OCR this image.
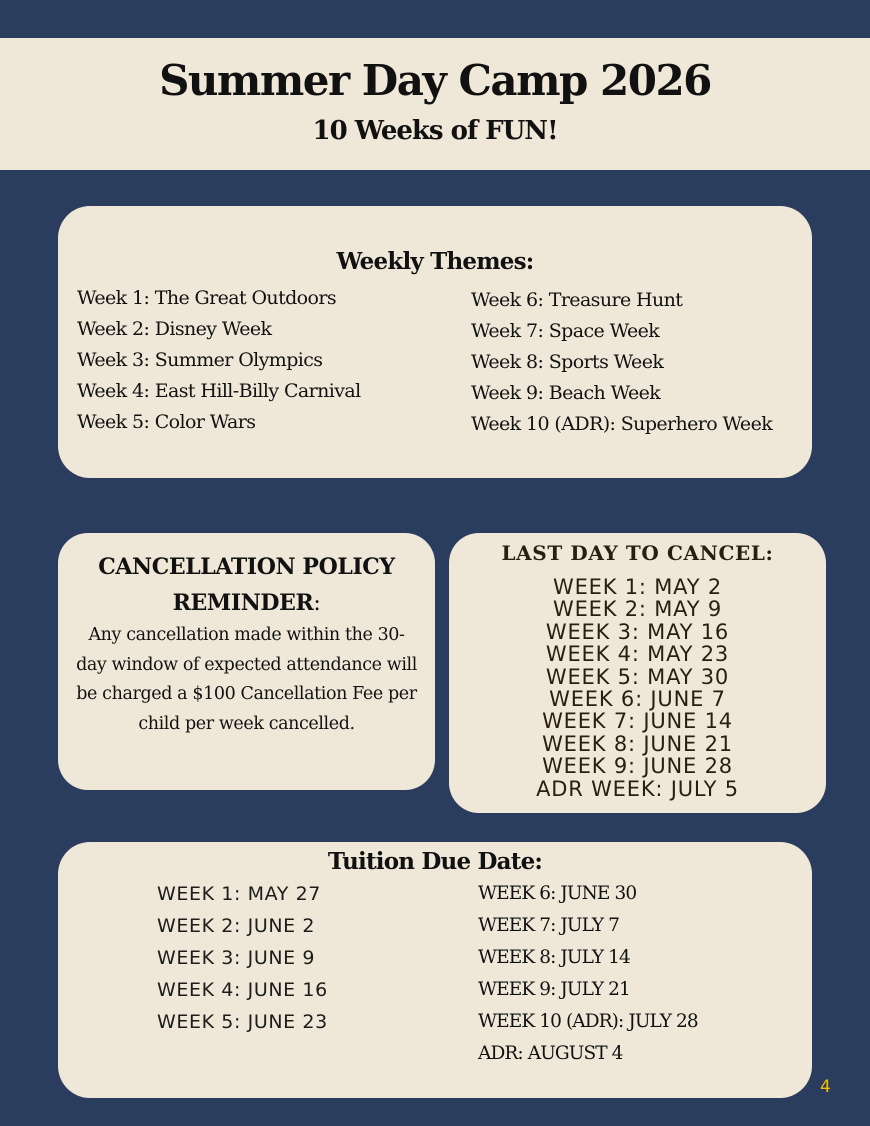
Summer Day Camp 2026
10 Weeks of FUN!
Weekly Themes:
Week 1: The Great Outdoors
Week 2: Disney Week
Week 3: Summer Olympics
Week 4: East Hill-Billy Carnival
Week 5: Color Wars
Week 6: Treasure Hunt
Week 7: Space Week
Week 8: Sports Week
Week 9: Beach Week
Week 10 (ADR): Superhero Week
CANCELLATION POLICY REMINDER:
Any cancellation made within the 30-day window of expected attendance will be charged a $100 Cancellation Fee per child per week cancelled.
LAST DAY TO CANCEL:
WEEK 1: MAY 2
WEEK 2: MAY 9
WEEK 3: MAY 16
WEEK 4: MAY 23
WEEK 5: MAY 30
WEEK 6: JUNE 7
WEEK 7: JUNE 14
WEEK 8: JUNE 21
WEEK 9: JUNE 28
ADR WEEK: JULY 5
Tuition Due Date:
WEEK 1: MAY 27
WEEK 2: JUNE 2
WEEK 3: JUNE 9
WEEK 4: JUNE 16
WEEK 5: JUNE 23
WEEK 6: JUNE 30
WEEK 7: JULY 7
WEEK 8: JULY 14
WEEK 9: JULY 21
WEEK 10 (ADR): JULY 28
ADR: AUGUST 4
4
